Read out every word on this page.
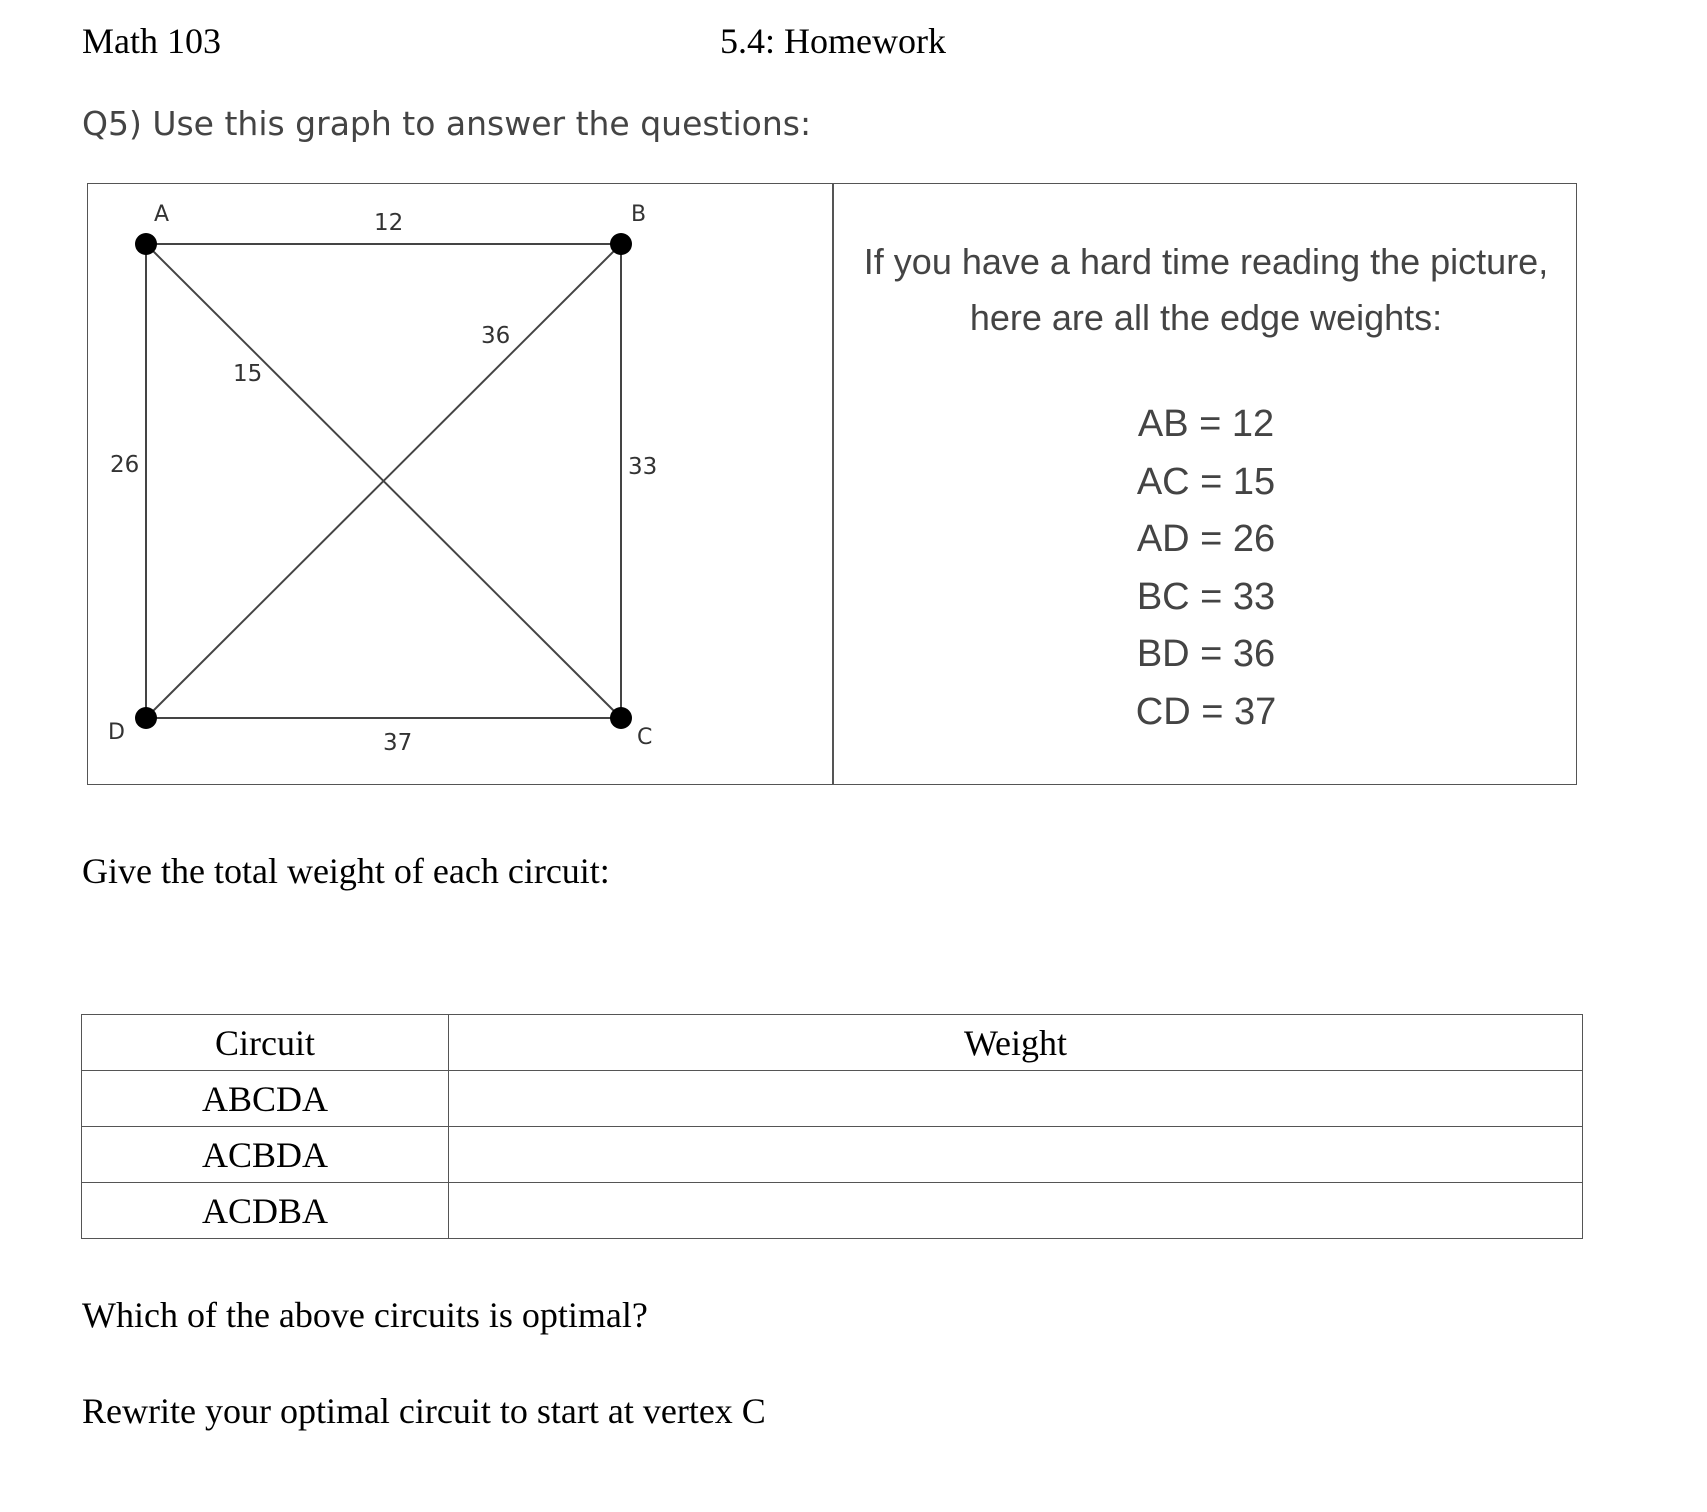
Math 103	5.4: Homework
Q5) Use this graph to answer the questions:
A	B
C
D
12
15
26	33
36
37
If you have a hard time reading the picture,
here are all the edge weights:
AB = 12
AC = 15
AD = 26
BC = 33
BD = 36
CD = 37
Give the total weight of each circuit:
Circuit	Weight
ABCDA	
ACBDA	
ACDBA	
Which of the above circuits is optimal?
Rewrite your optimal circuit to start at vertex C
